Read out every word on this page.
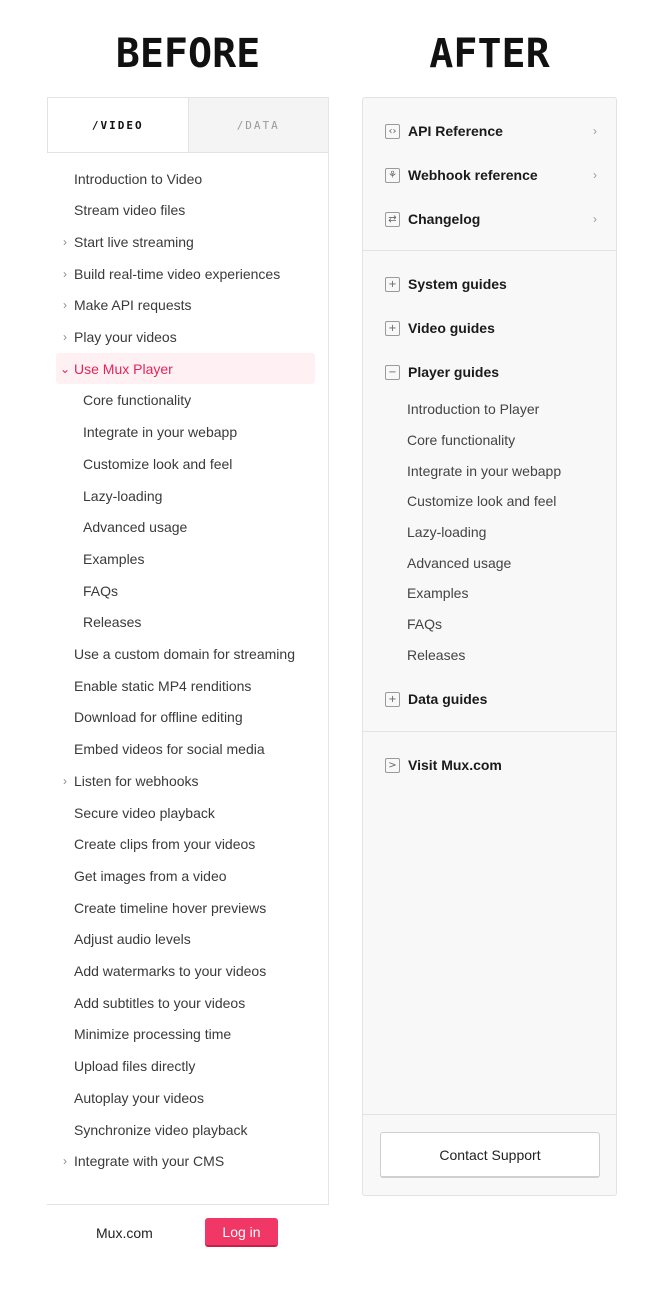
BEFORE	AFTER
/VIDEO	/DATA
Introduction to Video
Stream video files
› Start live streaming
› Build real-time video experiences
› Make API requests
› Play your videos
⌄ Use Mux Player
Core functionality
Integrate in your webapp
Customize look and feel
Lazy-loading
Advanced usage
Examples
FAQs
Releases
Use a custom domain for streaming
Enable static MP4 renditions
Download for offline editing
Embed videos for social media
› Listen for webhooks
Secure video playback
Create clips from your videos
Get images from a video
Create timeline hover previews
Adjust audio levels
Add watermarks to your videos
Add subtitles to your videos
Minimize processing time
Upload files directly
Autoplay your videos
Synchronize video playback
› Integrate with your CMS
Mux.com	Log in
‹› API Reference	›
⚘ Webhook reference	›
⇄ Changelog	›
+ System guides
+ Video guides
− Player guides
Introduction to Player
Core functionality
Integrate in your webapp
Customize look and feel
Lazy-loading
Advanced usage
Examples
FAQs
Releases
+ Data guides
> Visit Mux.com
Contact Support
